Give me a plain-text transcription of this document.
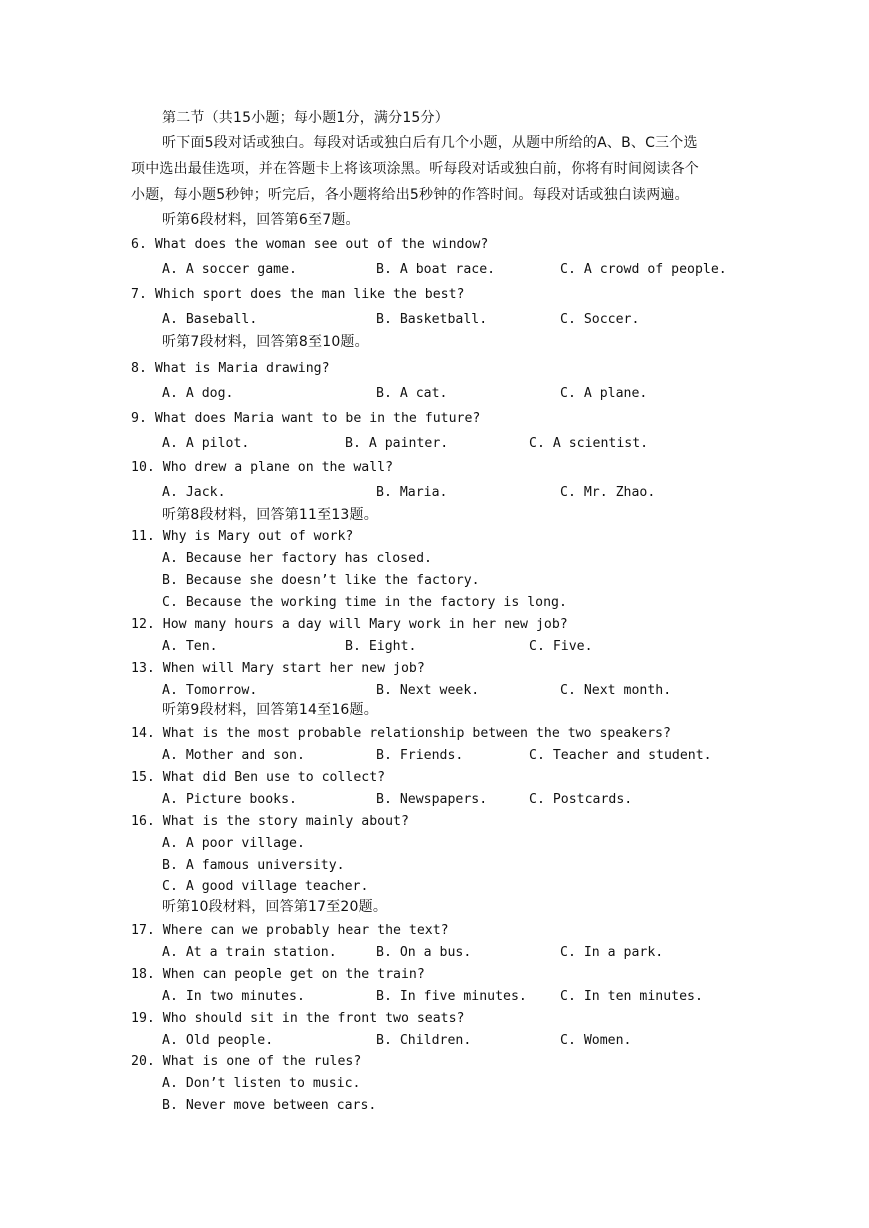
第二节（共15小题；每小题1分，满分15分）
听下面5段对话或独白。每段对话或独白后有几个小题，从题中所给的A、B、C三个选
项中选出最佳选项，并在答题卡上将该项涂黑。听每段对话或独白前，你将有时间阅读各个
小题，每小题5秒钟；听完后，各小题将给出5秒钟的作答时间。每段对话或独白读两遍。
听第6段材料，回答第6至7题。
6. What does the woman see out of the window?
A. A soccer game.	B. A boat race.	C. A crowd of people.
7. Which sport does the man like the best?
A. Baseball.	B. Basketball.	C. Soccer.
听第7段材料，回答第8至10题。
8. What is Maria drawing?
A. A dog.	B. A cat.	C. A plane.
9. What does Maria want to be in the future?
A. A pilot.	B. A painter.	C. A scientist.
10. Who drew a plane on the wall?
A. Jack.	B. Maria.	C. Mr. Zhao.
听第8段材料，回答第11至13题。
11. Why is Mary out of work?
A. Because her factory has closed.
B. Because she doesn’t like the factory.
C. Because the working time in the factory is long.
12. How many hours a day will Mary work in her new job?
A. Ten.	B. Eight.	C. Five.
13. When will Mary start her new job?
A. Tomorrow.	B. Next week.	C. Next month.
听第9段材料，回答第14至16题。
14. What is the most probable relationship between the two speakers?
A. Mother and son.	B. Friends.	C. Teacher and student.
15. What did Ben use to collect?
A. Picture books.	B. Newspapers.	C. Postcards.
16. What is the story mainly about?
A. A poor village.
B. A famous university.
C. A good village teacher.
听第10段材料，回答第17至20题。
17. Where can we probably hear the text?
A. At a train station.	B. On a bus.	C. In a park.
18. When can people get on the train?
A. In two minutes.	B. In five minutes.	C. In ten minutes.
19. Who should sit in the front two seats?
A. Old people.	B. Children.	C. Women.
20. What is one of the rules?
A. Don’t listen to music.
B. Never move between cars.
